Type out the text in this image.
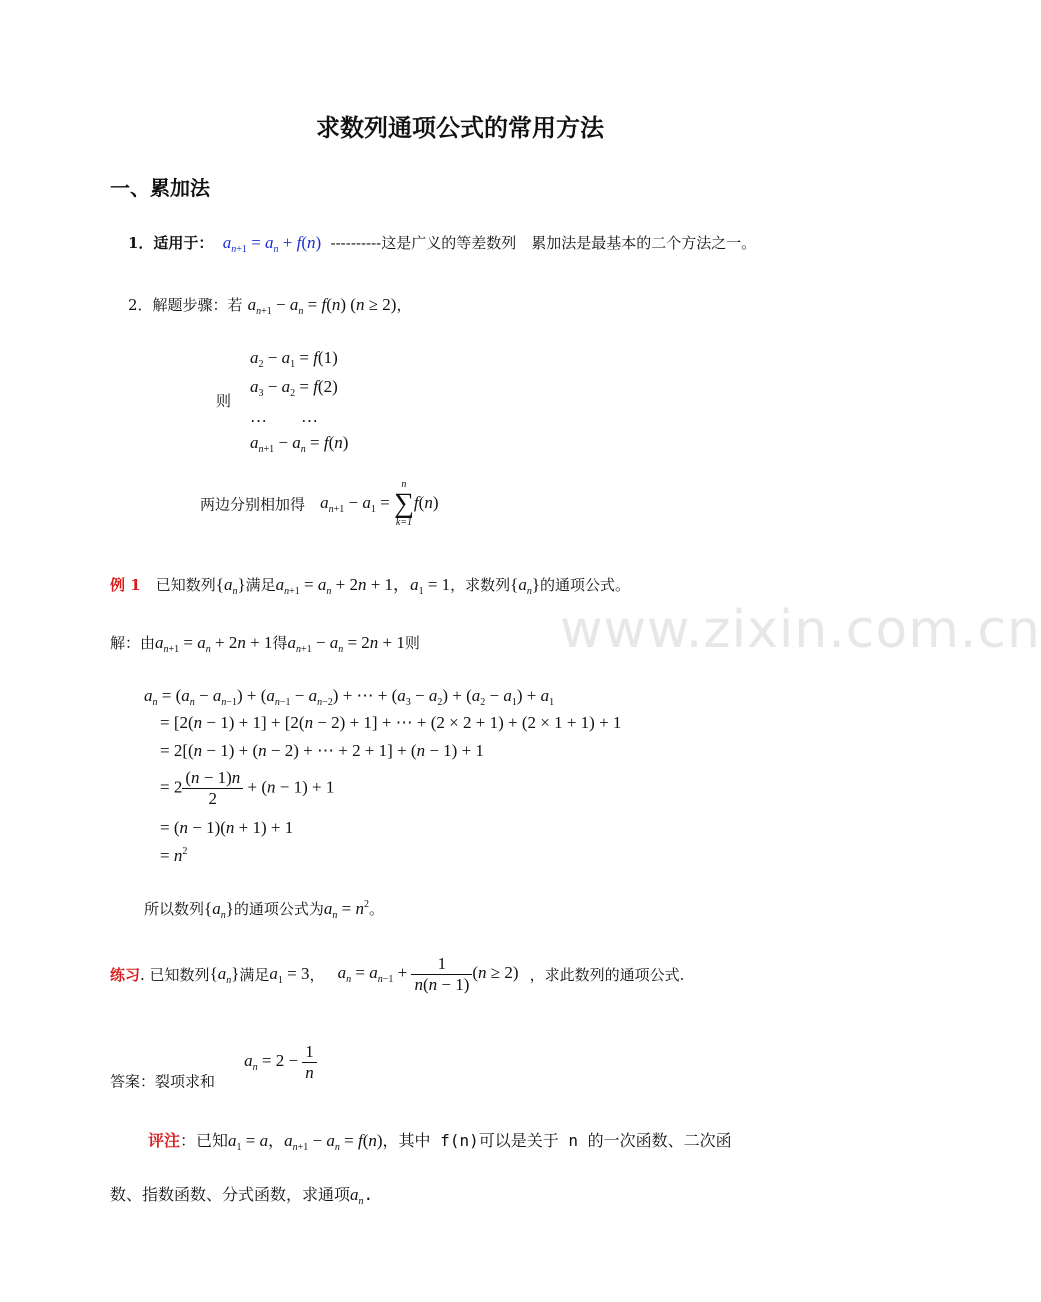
求数列通项公式的常用方法
一、累加法
1．适用于： $a_{n+1} = a_n + f(n)$  ----------这是广义的等差数列　累加法是最基本的二个方法之一。
2．解题步骤：若 $a_{n+1} - a_n = f(n) (n \ge 2)$，
则
$a_2 - a_1 = f(1)$
$a_3 - a_2 = f(2)$
…　　…
$a_{n+1} - a_n = f(n)$
两边分别相加得 $a_{n+1} - a_1$ =
n
∑
k=1
f(n)
例 1 已知数列$\{a_n\}$满足$a_{n+1} = a_n + 2n + 1$，$a_1 = 1$，求数列$\{a_n\}$的通项公式。
解：由$a_{n+1} = a_n + 2n + 1$得$a_{n+1} - a_n = 2n + 1$则
$a_n = (a_n - a_{n-1}) + (a_{n-1} - a_{n-2})$ + ⋯ + $(a_3 - a_2) + (a_2 - a_1) + a_1$
= [2(n − 1) + 1] + [2(n − 2) + 1] + ⋯ + (2 × 2 + 1) + (2 × 1 + 1) + 1
= 2[(n − 1) + (n − 2) + ⋯ + 2 + 1] + (n − 1) + 1
= $2 \frac{(n - 1)n}{2} + (n - 1) + 1$
= (n − 1)(n + 1) + 1
= $n^2$
所以数列$\{a_n\}$的通项公式为$a_n = n^2$。
练习. 已知数列$\{a_n\}$满足$a_1 = 3$， $a_n = a_{n-1} + \frac{1}{n(n - 1)} (n \ge 2)$ ，求此数列的通项公式.
答案：裂项求和 $a_n = 2 - \frac{1}{n}$
评注：已知$a_1 = a$，$a_{n+1} - a_n = f(n)$，其中 f(n)可以是关于 n 的一次函数、二次函
数、指数函数、分式函数，求通项$a_n$.
www.zixin.com.cn
